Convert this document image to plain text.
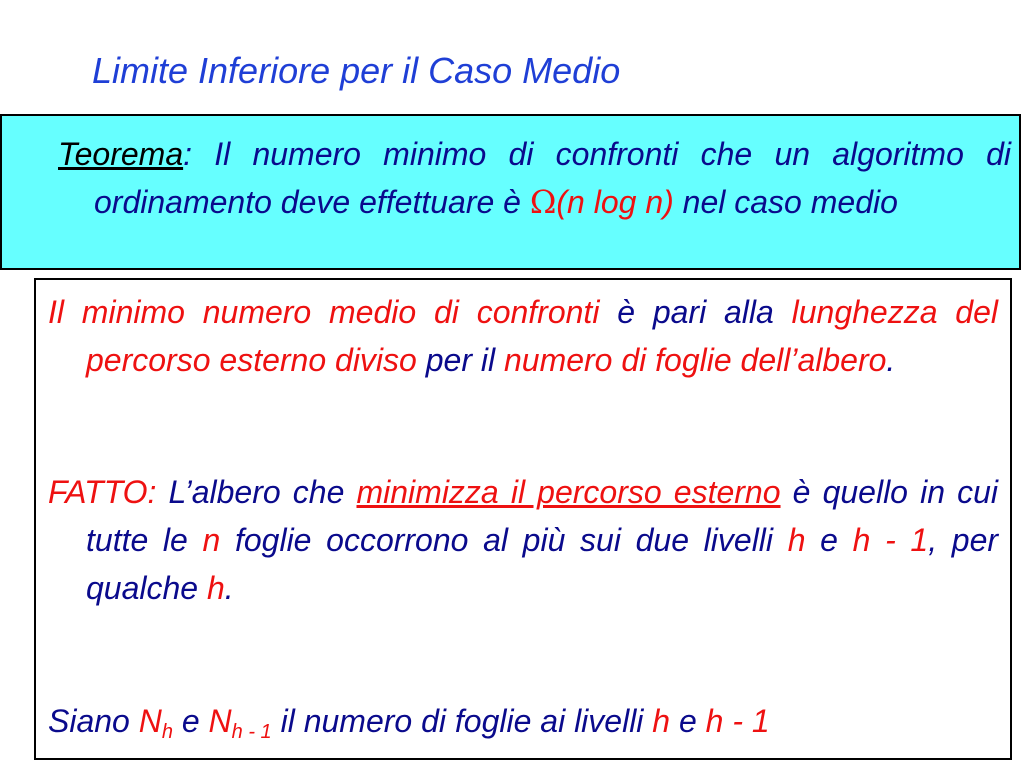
Limite Inferiore per il Caso Medio
Teorema: Il numero minimo di confronti che un algoritmo di ordinamento deve effettuare è Ω(n log n) nel caso medio
Il minimo numero medio di confronti è pari alla lunghezza del percorso esterno diviso per il numero di foglie dell’albero.
FATTO: L’albero che minimizza il percorso esterno è quello in cui tutte le n foglie occorrono al più sui due livelli h e h - 1, per qualche h.
Siano $N_h$ e $N_{h - 1}$ il numero di foglie ai livelli h e h - 1
